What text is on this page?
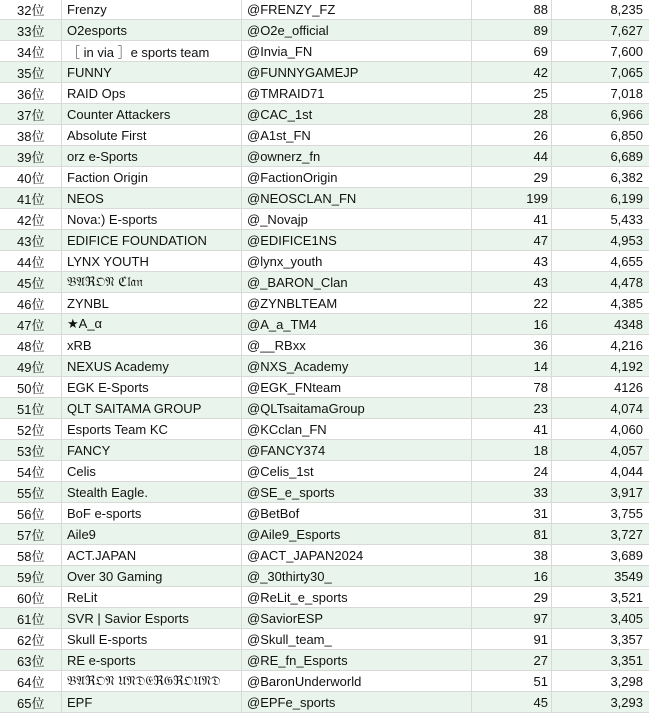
32位	Frenzy	@FRENZY_FZ	88	8,235
33位	O2esports	@O2e_official	89	7,627
34位	［ in via ］e sports team	@Invia_FN	69	7,600
35位	FUNNY	@FUNNYGAMEJP	42	7,065
36位	RAID Ops	@TMRAID71	25	7,018
37位	Counter Attackers	@CAC_1st	28	6,966
38位	Absolute First	@A1st_FN	26	6,850
39位	orz e-Sports	@ownerz_fn	44	6,689
40位	Faction Origin	@FactionOrigin	29	6,382
41位	NEOS	@NEOSCLAN_FN	199	6,199
42位	Nova:) E-sports	@_Novajp	41	5,433
43位	EDIFICE FOUNDATION	@EDIFICE1NS	47	4,953
44位	LYNX YOUTH	@lynx_youth	43	4,655
45位	𝔅𝔄ℜ𝔒𝔑 ℭ𝔩𝔞𝔫	@_BARON_Clan	43	4,478
46位	ZYNBL	@ZYNBLTEAM	22	4,385
47位	★A_α	@A_a_TM4	16	4348
48位	xRB	@__RBxx	36	4,216
49位	NEXUS Academy	@NXS_Academy	14	4,192
50位	EGK E-Sports	@EGK_FNteam	78	4126
51位	QLT SAITAMA GROUP	@QLTsaitamaGroup	23	4,074
52位	Esports Team KC	@KCclan_FN	41	4,060
53位	FANCY	@FANCY374	18	4,057
54位	Celis	@Celis_1st	24	4,044
55位	Stealth Eagle.	@SE_e_sports	33	3,917
56位	BoF e-sports	@BetBof	31	3,755
57位	Aile9	@Aile9_Esports	81	3,727
58位	ACT.JAPAN	@ACT_JAPAN2024	38	3,689
59位	Over 30 Gaming	@_30thirty30_	16	3549
60位	ReLit	@ReLit_e_sports	29	3,521
61位	SVR | Savior Esports	@SaviorESP	97	3,405
62位	Skull E-sports	@Skull_team_	91	3,357
63位	RE e-sports	@RE_fn_Esports	27	3,351
64位	𝔅𝔄ℜ𝔒𝔑 𝔘𝔑𝔇𝔈ℜ𝔊ℜ𝔒𝔘𝔑𝔇	@BaronUnderworld	51	3,298
65位	EPF	@EPFe_sports	45	3,293
